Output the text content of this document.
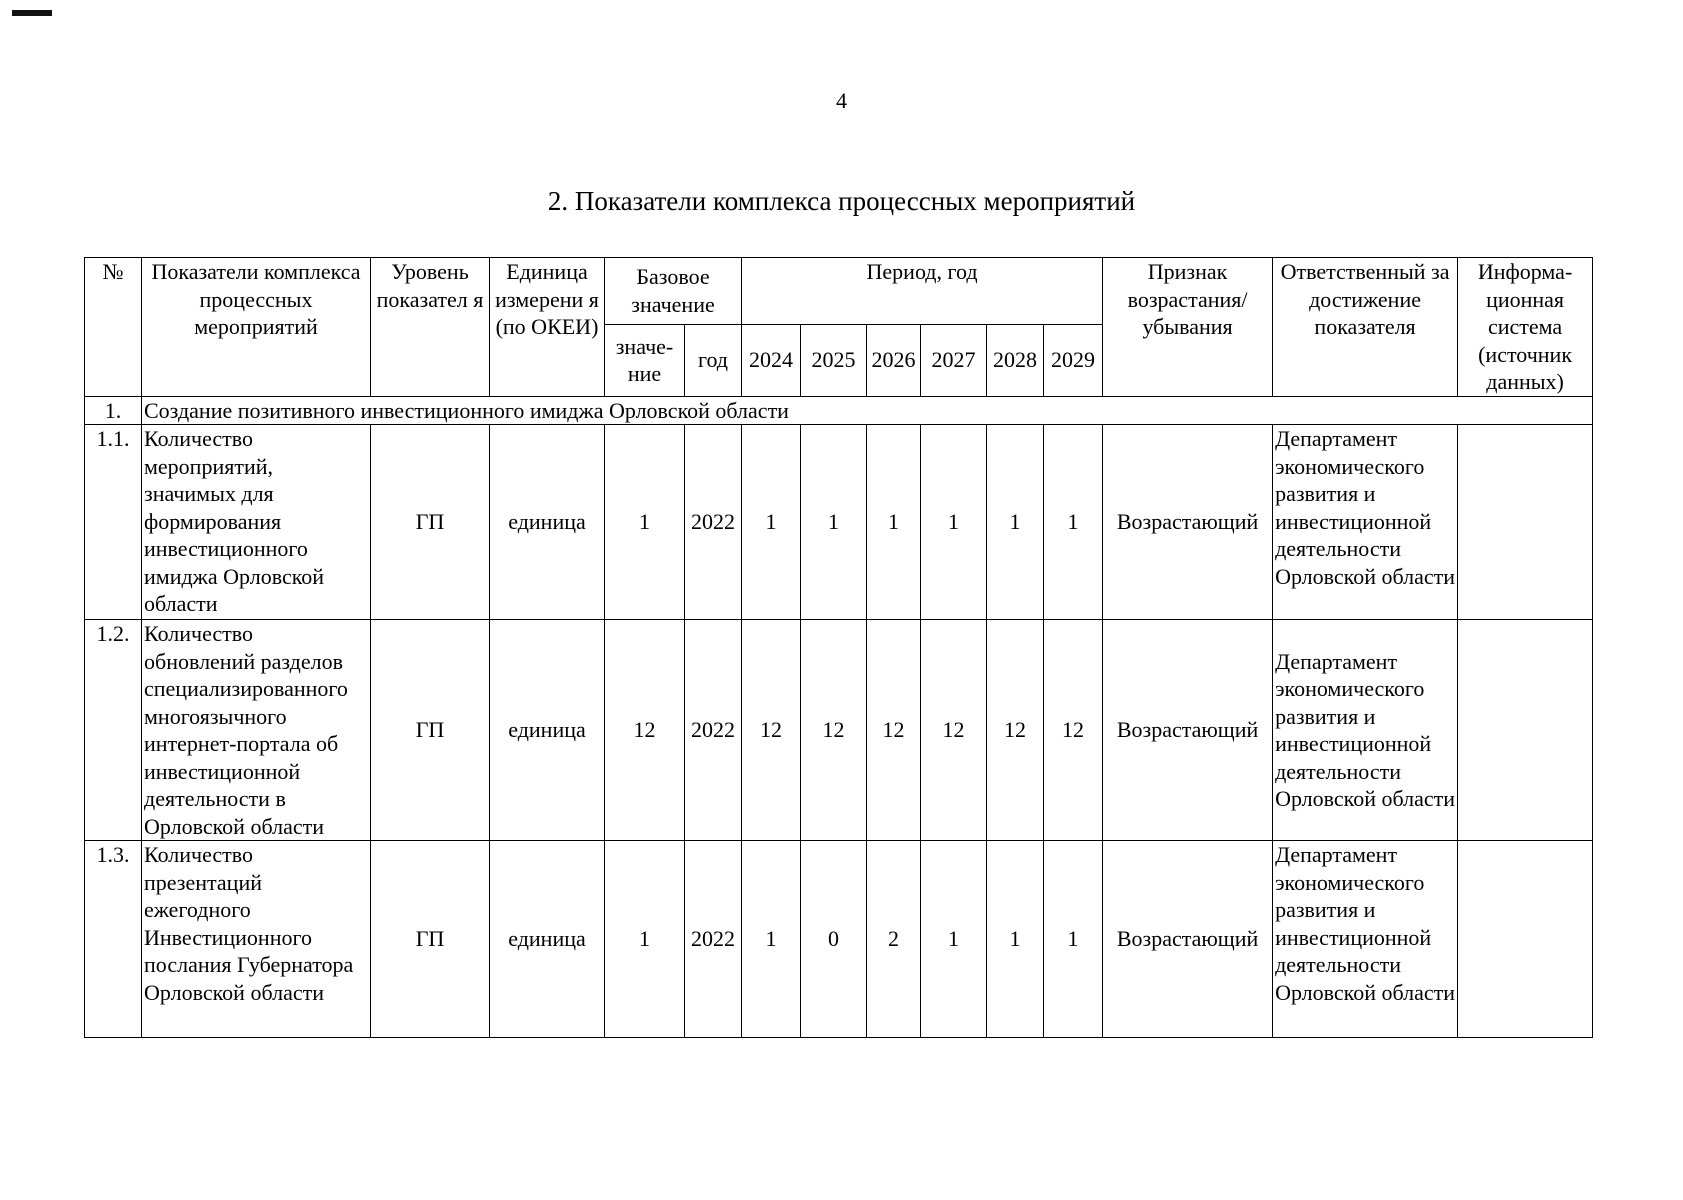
4
2. Показатели комплекса процессных мероприятий
№	Показатели комплекса процессных мероприятий	Уровень показател я	Единица измерени я (по ОКЕИ)	Базовое значение		Период, год						Признак возрастания/ убывания	Ответственный за достижение показателя	Информа- ционная система (источник данных)
				значе- ние	год	2024	2025	2026	2027	2028	2029			
1.	Создание позитивного инвестиционного имиджа Орловской области													
1.1.	Количество мероприятий, значимых для формирования инвестиционного имиджа Орловской области	ГП	единица	1	2022	1	1	1	1	1	1	Возрастающий	Департамент экономического развития и инвестиционной деятельности Орловской области	
1.2.	Количество обновлений разделов специализированного многоязычного интернет-портала об инвестиционной деятельности в Орловской области	ГП	единица	12	2022	12	12	12	12	12	12	Возрастающий	Департамент экономического развития и инвестиционной деятельности Орловской области	
1.3.	Количество презентаций ежегодного Инвестиционного послания Губернатора Орловской области	ГП	единица	1	2022	1	0	2	1	1	1	Возрастающий	Департамент экономического развития и инвестиционной деятельности Орловской области	
